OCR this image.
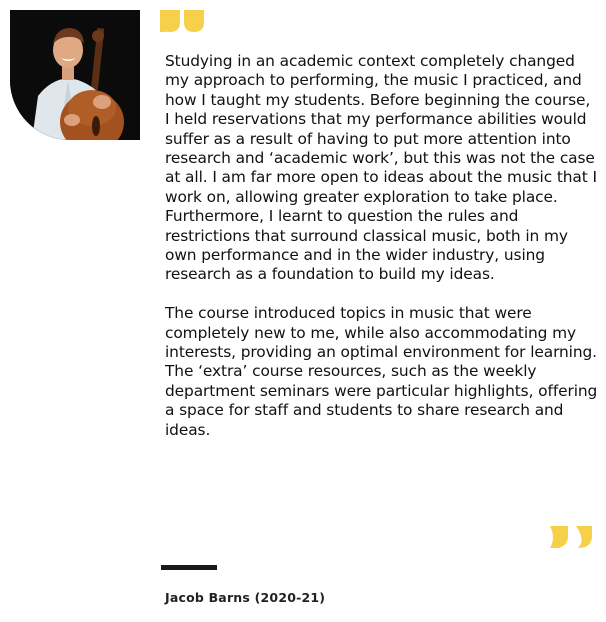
Studying in an academic context completely changed my approach to performing, the music I practiced, and how I taught my students. Before beginning the course, I held reservations that my performance abilities would suffer as a result of having to put more attention into research and ‘academic work’, but this was not the case at all. I am far more open to ideas about the music that I work on, allowing greater exploration to take place. Furthermore, I learnt to question the rules and restrictions that surround classical music, both in my own performance and in the wider industry, using research as a foundation to build my ideas.

The course introduced topics in music that were completely new to me, while also accommodating my interests, providing an optimal environment for learning. The ‘extra’ course resources, such as the weekly department seminars were particular highlights, offering a space for staff and students to share research and ideas.

Jacob Barns (2020-21)
